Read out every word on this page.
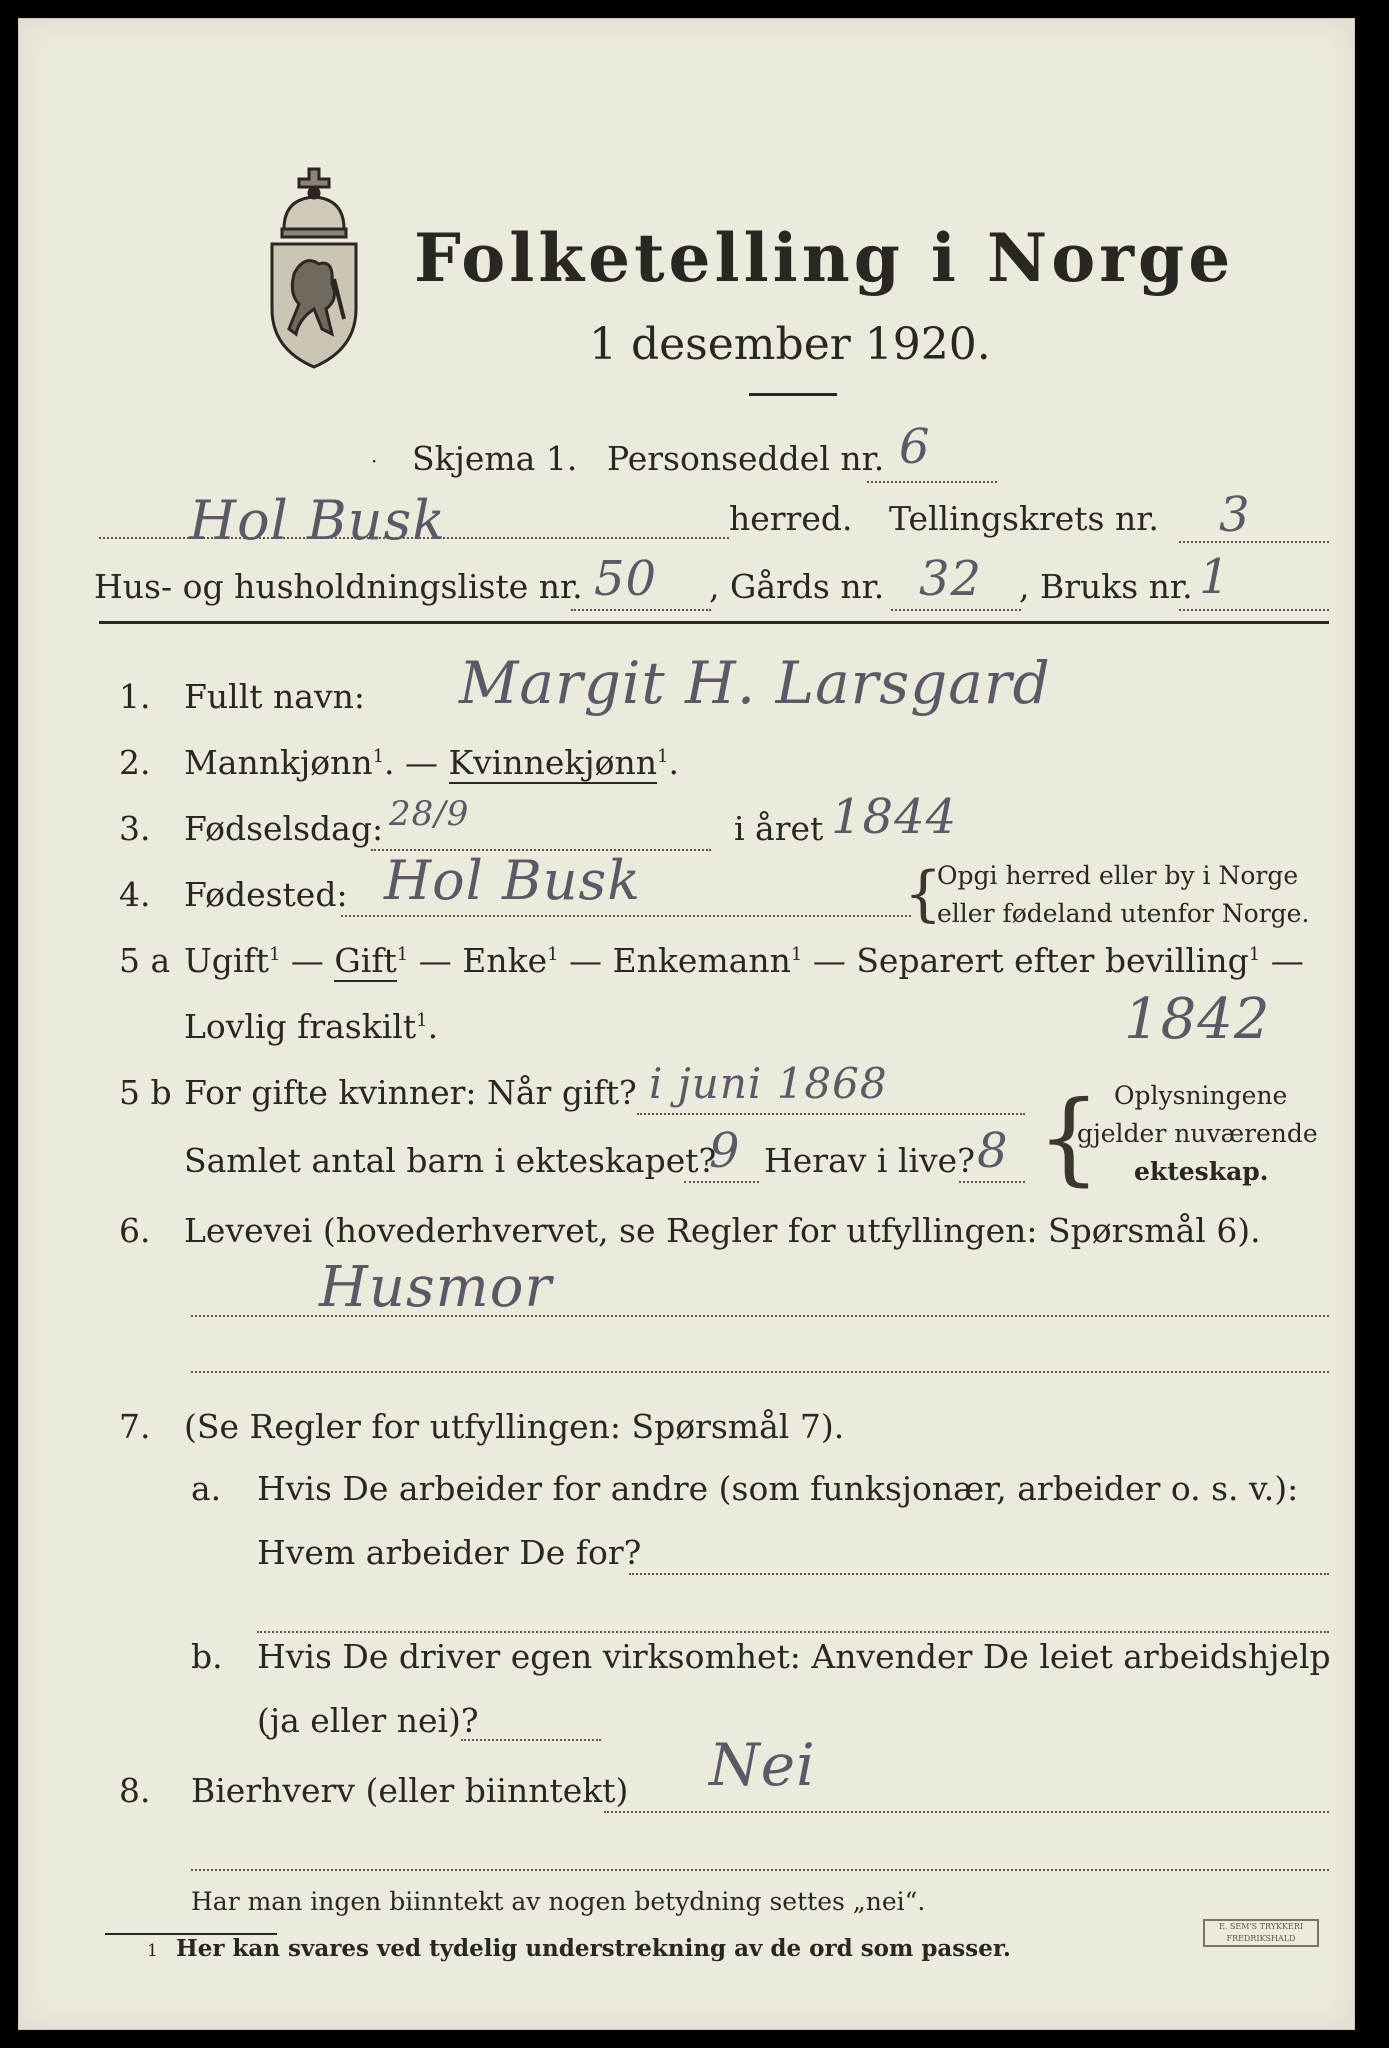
Folketelling i Norge
1 desember 1920.
· Skjema 1. Personseddel nr. 6
Hol Busk	herred. Tellingskrets nr. 3
Hus- og husholdningsliste nr. 50 , Gårds nr. 32 , Bruks nr. 1
1. Fullt navn: Margit H. Larsgard
2. Mannkjønn$^1$. — Kvinnekjønn$^1$.
3. Fødselsdag: 28/9	i året 1844
4. Fødested: Hol Busk	{
Opgi herred eller by i Norge
eller fødeland utenfor Norge.
5 a Ugift$^1$ — Gift$^1$ — Enke$^1$ — Enkemann$^1$ — Separert efter bevilling$^1$ —
Lovlig fraskilt$^1$.	1842
5 b For gifte kvinner: Når gift? i juni 1868
Samlet antal barn i ekteskapet?
9 Herav i live? 8 { Oplysningene
gjelder nuværende
ekteskap.
6. Levevei (hovederhvervet, se Regler for utfyllingen: Spørsmål 6).
Husmor
7. (Se Regler for utfyllingen: Spørsmål 7).
a. Hvis De arbeider for andre (som funksjonær, arbeider o. s. v.):
Hvem arbeider De for?
b. Hvis De driver egen virksomhet: Anvender De leiet arbeidshjelp
(ja eller nei)?
8. Bierhverv (eller biinntekt) Nei
Har man ingen biinntekt av nogen betydning settes „nei“.
1 Her kan svares ved tydelig understrekning av de ord som passer.
E. SEM'S TRYKKERI FREDRIKSHALD
